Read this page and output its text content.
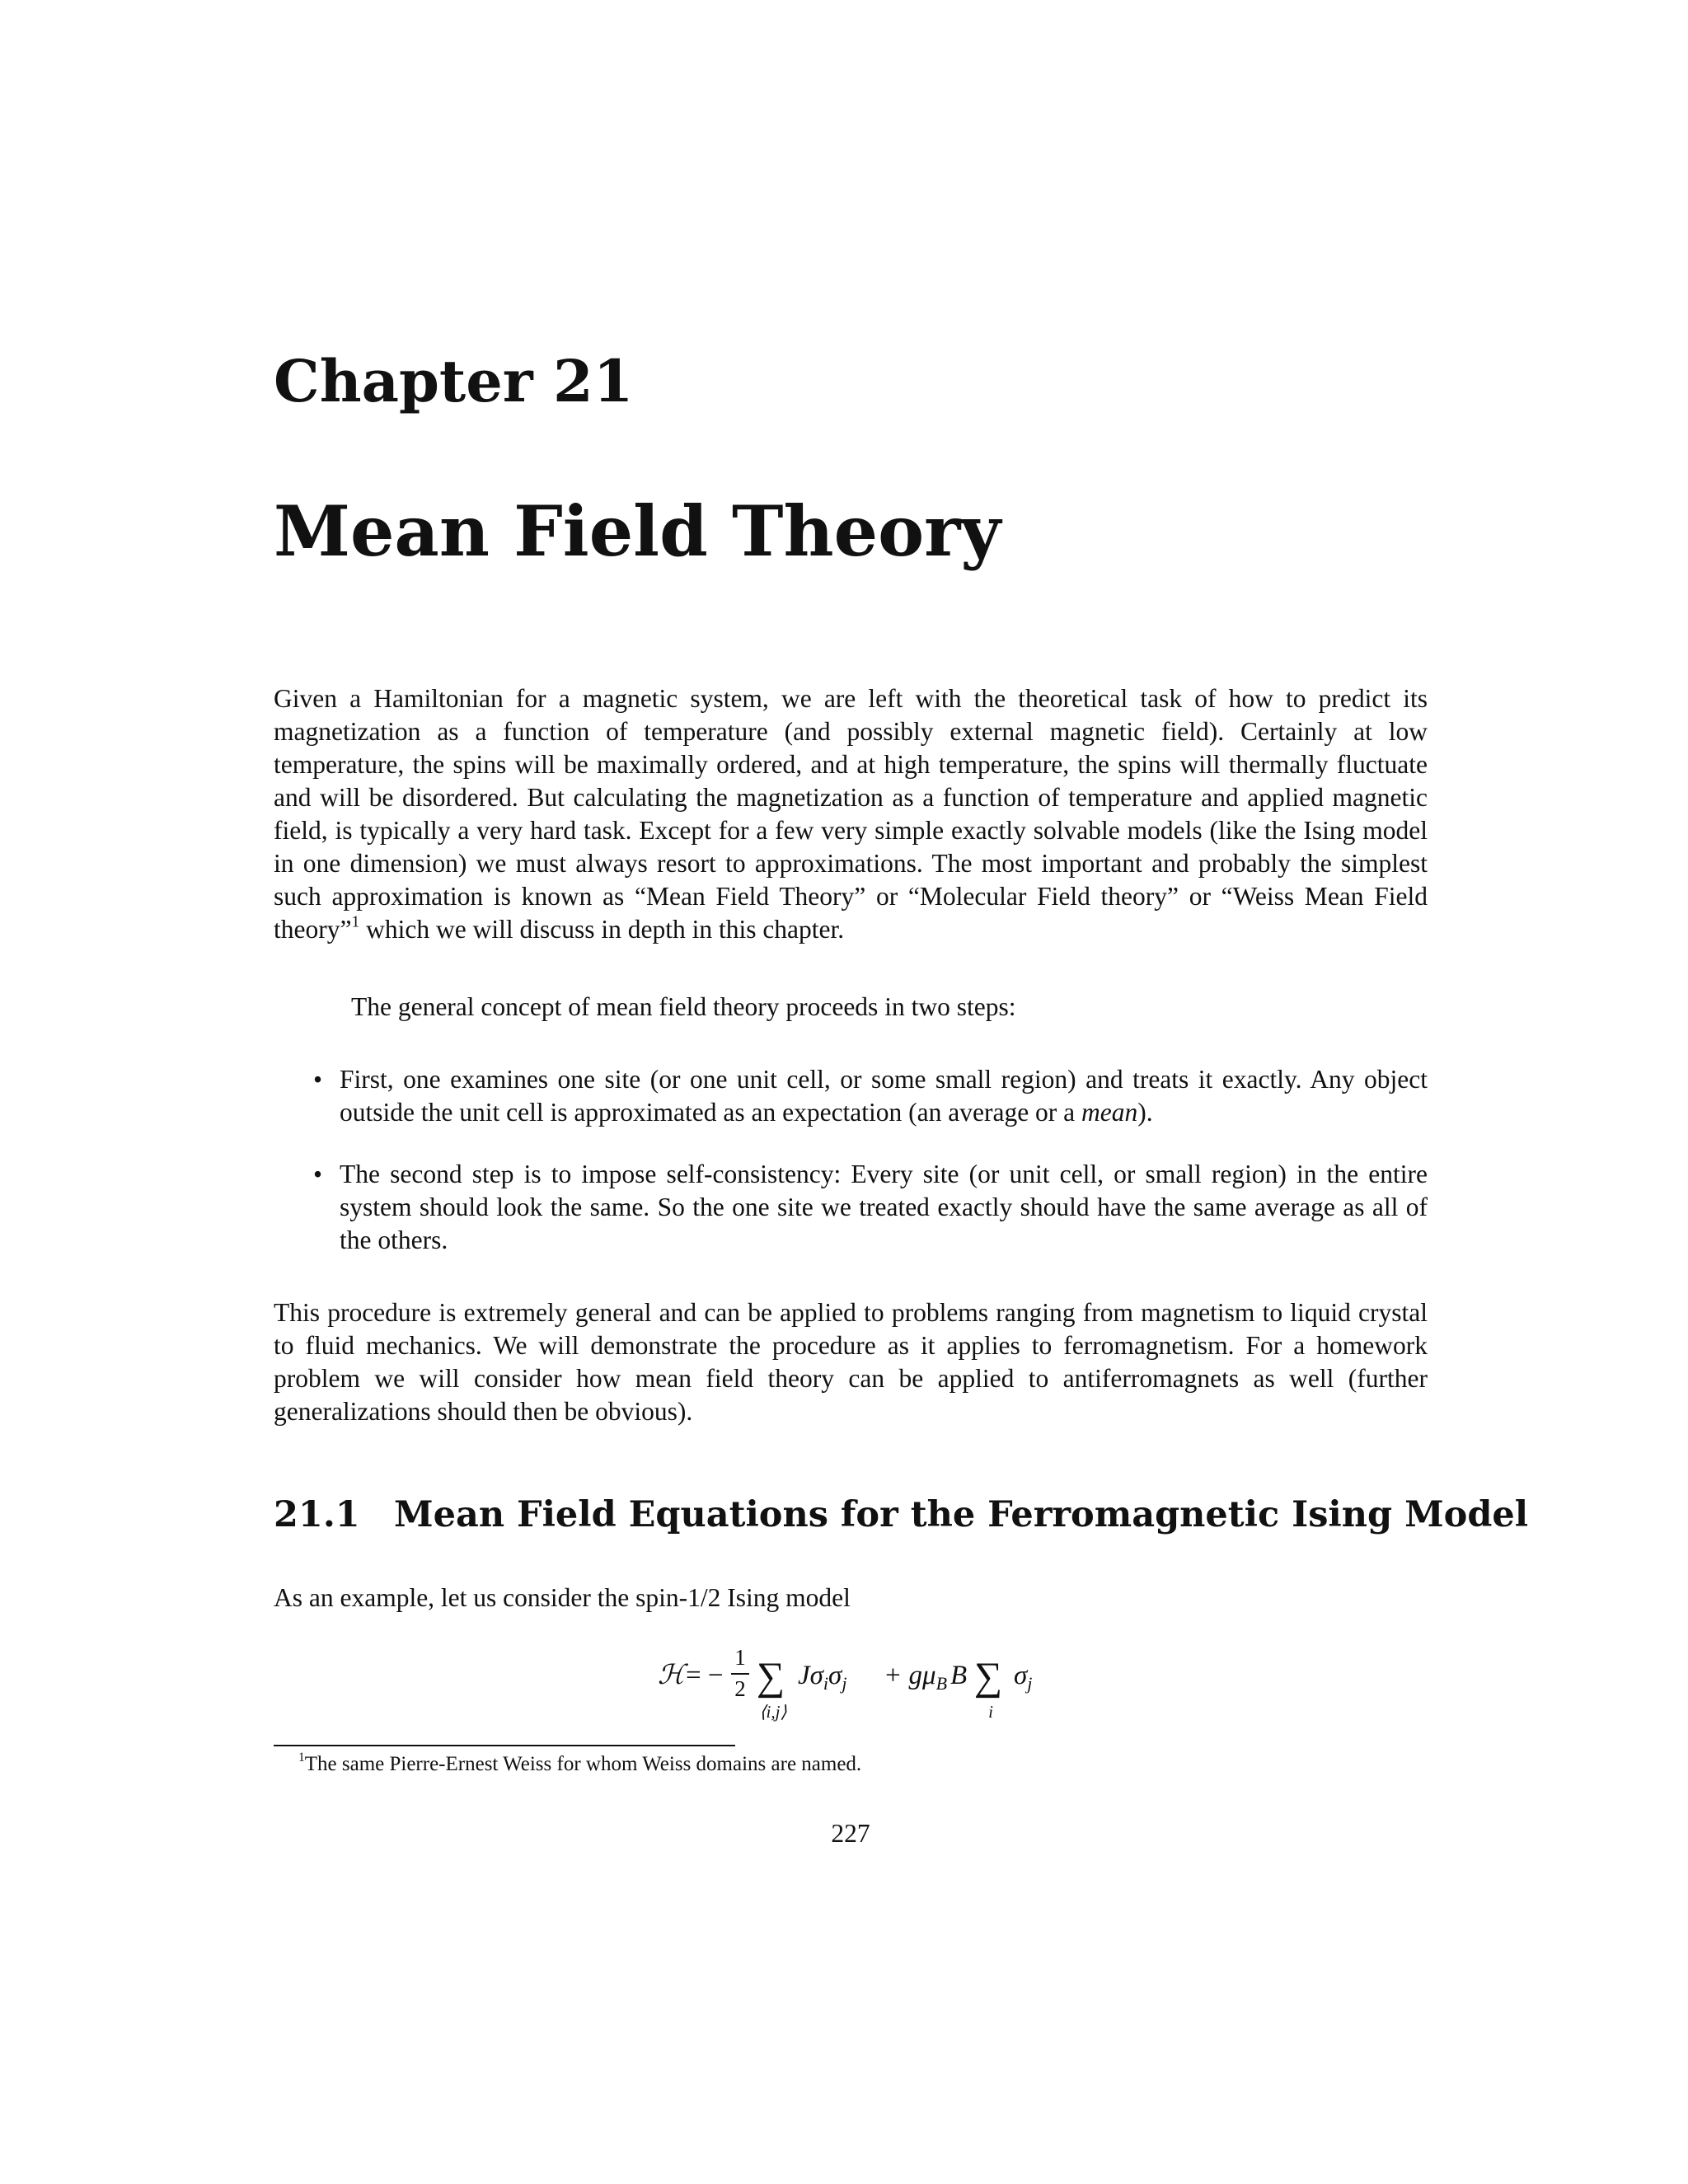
Chapter 21
Mean Field Theory

Given a Hamiltonian for a magnetic system, we are left with the theoretical task of how to predict its magnetization as a function of temperature (and possibly external magnetic field). Certainly at low temperature, the spins will be maximally ordered, and at high temperature, the spins will thermally fluctuate and will be disordered. But calculating the magnetization as a function of temperature and applied magnetic field, is typically a very hard task. Except for a few very simple exactly solvable models (like the Ising model in one dimension) we must always resort to approximations. The most important and probably the simplest such approximation is known as “Mean Field Theory” or “Molecular Field theory” or “Weiss Mean Field theory”$^1$ which we will discuss in depth in this chapter.

The general concept of mean field theory proceeds in two steps:

• First, one examines one site (or one unit cell, or some small region) and treats it exactly. Any object outside the unit cell is approximated as an expectation (an average or a mean).
• The second step is to impose self-consistency: Every site (or unit cell, or small region) in the entire system should look the same. So the one site we treated exactly should have the same average as all of the others.

This procedure is extremely general and can be applied to problems ranging from magnetism to liquid crystal to fluid mechanics. We will demonstrate the procedure as it applies to ferromagnetism. For a homework problem we will consider how mean field theory can be applied to antiferromagnets as well (further generalizations should then be obvious).

21.1 Mean Field Equations for the Ferromagnetic Ising Model

As an example, let us consider the spin-1/2 Ising model

ℋ = −
1
2 ∑
⟨i,j⟩
$J\sigma_i\sigma_j + g\mu_B$ B ∑
i
$\sigma_j$
$^1$The same Pierre-Ernest Weiss for whom Weiss domains are named.
227
